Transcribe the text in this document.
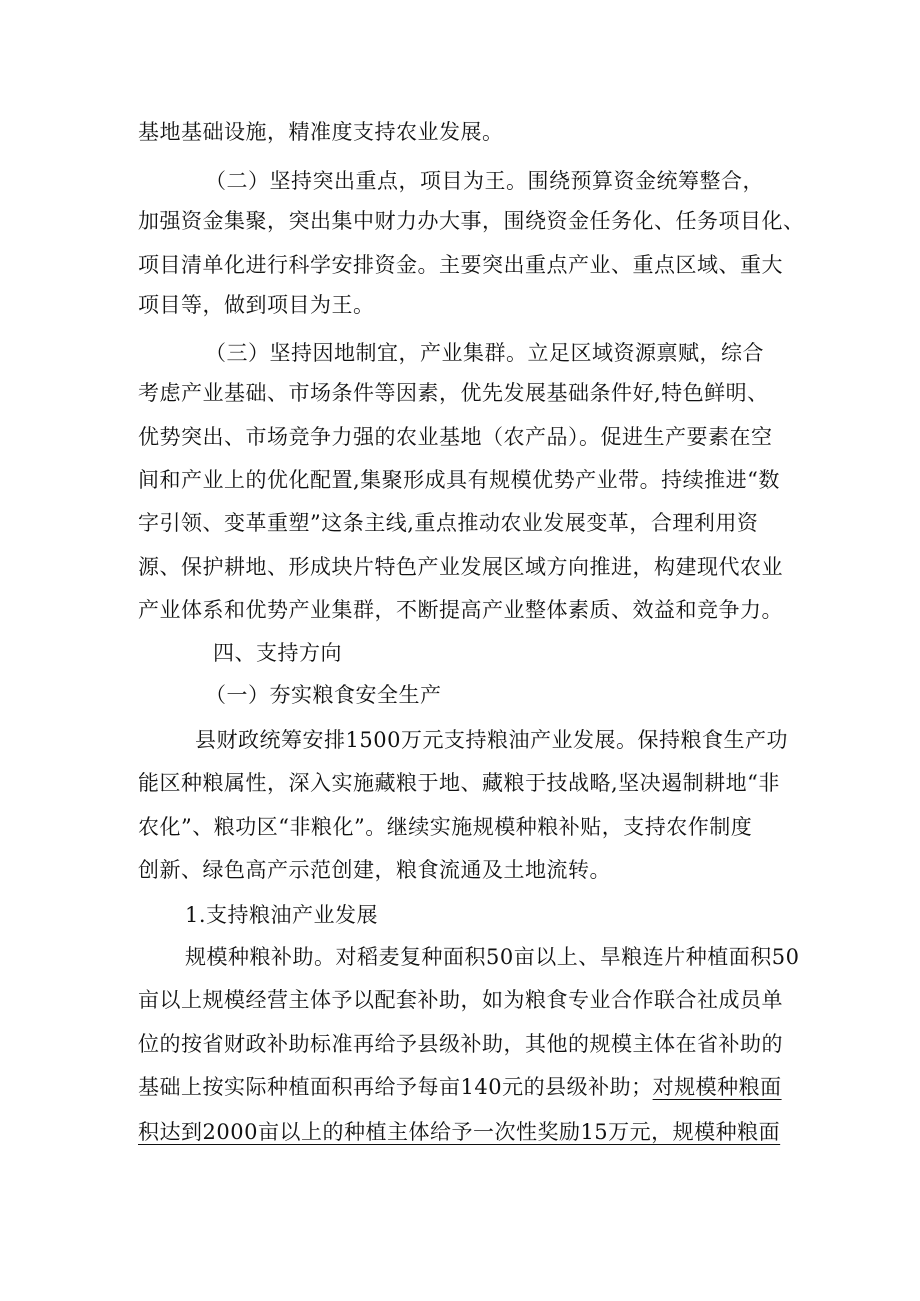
基地基础设施，精准度支持农业发展。
（二）坚持突出重点，项目为王。围绕预算资金统筹整合，
加强资金集聚，突出集中财力办大事，围绕资金任务化、任务项目化、
项目清单化进行科学安排资金。主要突出重点产业、重点区域、重大
项目等，做到项目为王。
（三）坚持因地制宜，产业集群。立足区域资源禀赋，综合
考虑产业基础、市场条件等因素，优先发展基础条件好,特色鲜明、
优势突出、市场竞争力强的农业基地（农产品）。促进生产要素在空
间和产业上的优化配置,集聚形成具有规模优势产业带。持续推进“数
字引领、变革重塑”这条主线,重点推动农业发展变革，合理利用资
源、保护耕地、形成块片特色产业发展区域方向推进，构建现代农业
产业体系和优势产业集群，不断提高产业整体素质、效益和竞争力。
四、支持方向
（一）夯实粮食安全生产
县财政统筹安排1500万元支持粮油产业发展。保持粮食生产功
能区种粮属性，深入实施藏粮于地、藏粮于技战略,坚决遏制耕地“非
农化”、粮功区“非粮化”。继续实施规模种粮补贴，支持农作制度
创新、绿色高产示范创建，粮食流通及土地流转。
1.支持粮油产业发展
规模种粮补助。对稻麦复种面积50亩以上、旱粮连片种植面积50
亩以上规模经营主体予以配套补助，如为粮食专业合作联合社成员单
位的按省财政补助标准再给予县级补助，其他的规模主体在省补助的
基础上按实际种植面积再给予每亩140元的县级补助；对规模种粮面
积达到2000亩以上的种植主体给予一次性奖励15万元，规模种粮面
